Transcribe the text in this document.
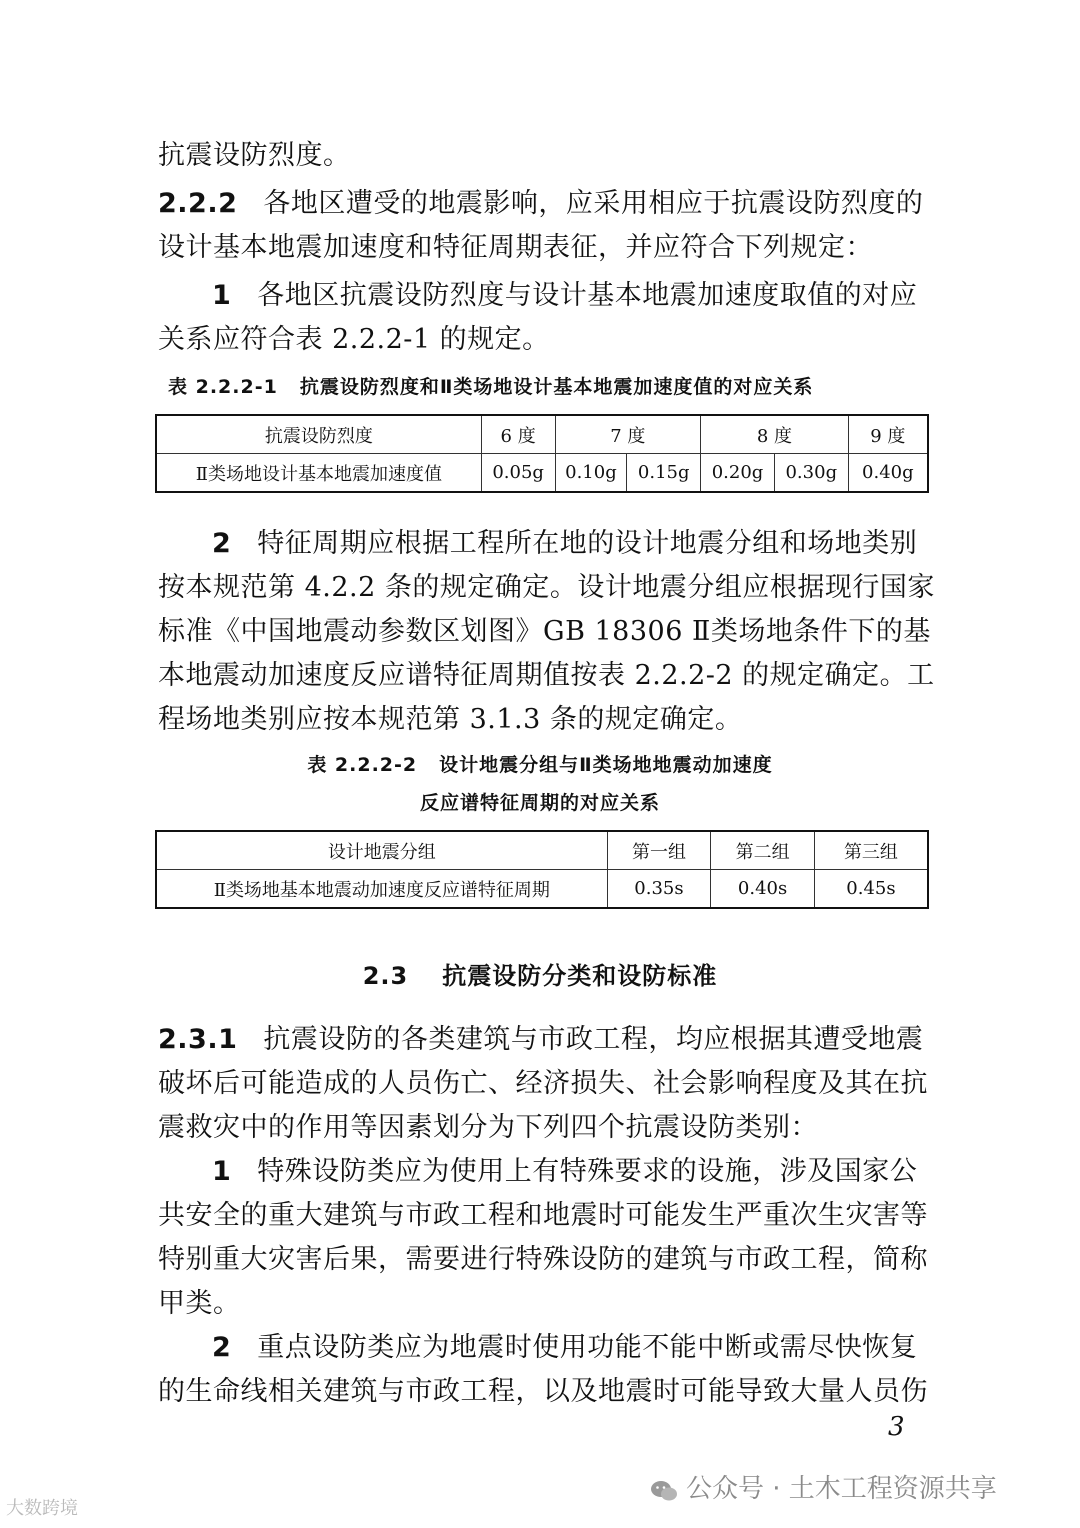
抗震设防烈度。
2.2.2 各地区遭受的地震影响，应采用相应于抗震设防烈度的
设计基本地震加速度和特征周期表征，并应符合下列规定：
1 各地区抗震设防烈度与设计基本地震加速度取值的对应
关系应符合表 2.2.2-1 的规定。
表 2.2.2-1 抗震设防烈度和Ⅱ类场地设计基本地震加速度值的对应关系
抗震设防烈度	6 度	7 度		8 度		9 度
Ⅱ类场地设计基本地震加速度值	0.05g	0.10g	0.15g	0.20g	0.30g	0.40g
2 特征周期应根据工程所在地的设计地震分组和场地类别
按本规范第 4.2.2 条的规定确定。设计地震分组应根据现行国家
标准《中国地震动参数区划图》GB 18306 Ⅱ类场地条件下的基
本地震动加速度反应谱特征周期值按表 2.2.2-2 的规定确定。工
程场地类别应按本规范第 3.1.3 条的规定确定。
表 2.2.2-2 设计地震分组与Ⅱ类场地地震动加速度
反应谱特征周期的对应关系
设计地震分组	第一组	第二组	第三组
Ⅱ类场地基本地震动加速度反应谱特征周期	0.35s	0.40s	0.45s
2.3 抗震设防分类和设防标准
2.3.1 抗震设防的各类建筑与市政工程，均应根据其遭受地震
破坏后可能造成的人员伤亡、经济损失、社会影响程度及其在抗
震救灾中的作用等因素划分为下列四个抗震设防类别：
1 特殊设防类应为使用上有特殊要求的设施，涉及国家公
共安全的重大建筑与市政工程和地震时可能发生严重次生灾害等
特别重大灾害后果，需要进行特殊设防的建筑与市政工程，简称
甲类。
2 重点设防类应为地震时使用功能不能中断或需尽快恢复
的生命线相关建筑与市政工程，以及地震时可能导致大量人员伤
3
公众号 · 土木工程资源共享
大数跨境
